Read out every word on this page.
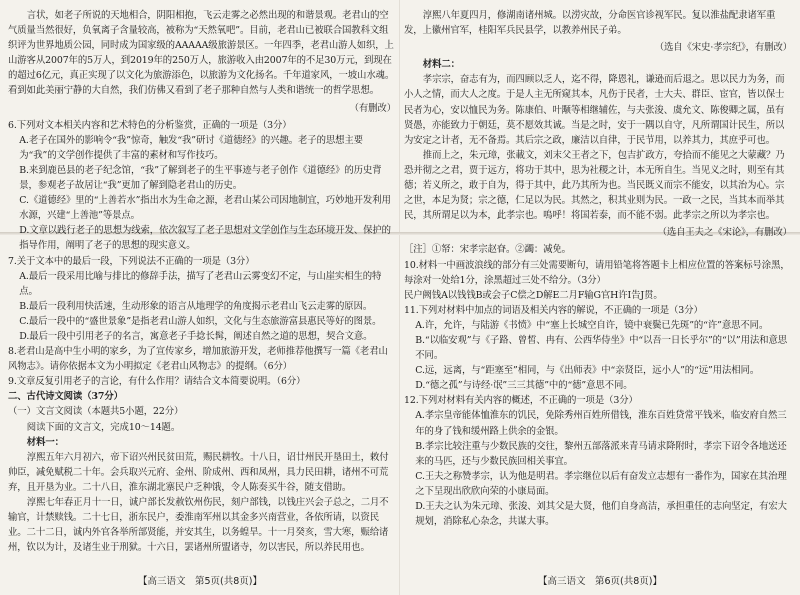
言状，如老子所说的天地相合，阴阳相抱，飞云走雾之必然出现的和谐景观。老君山的空气质量当然很好，负氧离子含量较高，被称为“天然氧吧”。目前，老君山已被联合国教科文组织评为世界地质公园，同时成为国家级的AAAAA级旅游景区。一年四季，老君山游人如织，上山游客从2007年的5万人，到2019年的250万人，旅游收入由2007年的不足30万元，到现在的超过6亿元，真正实现了以文化为旅游添色，以旅游为文化扬名。千年道家风，一坡山水魂。看到如此美丽宁静的大自然，我们仿佛又看到了老子那种自然与人类和谐统一的哲学思想。

（有删改）

6.下列对文本相关内容和艺术特色的分析鉴赏，正确的一项是（3分）

A.老子在国外的影响令“我”惊奇，触发“我”研讨《道德经》的兴趣。老子的思想主要为“我”的文学创作提供了丰富的素材和写作技巧。

B.来到鹿邑县的老子纪念馆，“我”了解到老子的生平事迹与老子创作《道德经》的历史背景，参观老子故居让“我”更加了解到隐老君山的历史。

C.《道德经》里的“上善若水”指出水为生命之源，老君山某公司因地制宜，巧妙地开发利用水源，兴建“上善池”等景点。

D.文章以践行老子的思想为线索，依次叙写了老子思想对文学创作与生态环境开发、保护的指导作用，阐明了老子的思想的现实意义。

7.关于文本中的最后一段，下列说法不正确的一项是（3分）

A.最后一段采用比喻与排比的修辞手法，描写了老君山云雾变幻不定，与山崖实相生的特点。

B.最后一段利用快活速，生动形象的语言从地理学的角度揭示老君山飞云走雾的原因。

C.最后一段中的“盛世景象”是指老君山游人如织，文化与生态旅游富县惠民等好的图景。

D.最后一段中引用老子的名言，寓意老子手捻长髯，阐述自然之道的思想，契合文意。

8.老君山是高中生小明的家乡，为了宣传家乡，增加旅游开发，老师推荐他撰写一篇《老君山风物志》。请你依据本文为小明拟定《老君山风物志》的提纲。（6分）

9.文章反复引用老子的言论，有什么作用？请结合文本简要说明。（6分）

二、古代诗文阅读（37分）

（一）文言文阅读（本题共5小题，22分）

阅读下面的文言文，完成10～14题。

材料一：

淳熙五年六月初六，帝下诏兴州民贫田荒，赐民耕牧。十八日，诏廿州民开垦田土，敕付帅臣，减免赋税二十年。会兵取兴元府、金州、阶成州、西和凤州，具力民田耕，诸州不可荒弃，且开垦为业。二十八日，淮东湖北寨民户乏种饿，令人陈奏买牛谷，随支借助。

淳熙七年春正月十一日，诚户部长发赦钦州伤民，刻户部钱，以钱庄兴会子总之，二月不输官，计禁赎钱。二十七日，浙东民户，委淮南军州以其金多兴南营业，各依所请，以资民业。二十二日，诚内外官各举所部贤能，并安其生，以务蝗旱。十一月癸亥，雪大寒，赈给诸州，钦以为计，及诸生业于刑狱。十六日，罢诸州所盟诸寺，勿以害民，所以养民用也。

淳熙八年夏四月，修湖南诸州城。以涝灾故，分命医官诊视军民。复以淮盐配隶诸军重发，上徽州官军，桂阳军兵民县学，以教养州民子弟。

（选自《宋史·孝宗纪》，有删改）

材料二：

孝宗宗，奋志有为，而四顾以乏人，迄不得，降恩礼，谦逊而后退之。思以民力为务，而小人之情，而大人之度。于是人主无所窥其本，凡伤于民者，士大夫、群臣、宦官，皆以保士民者为心，安以恤民为务。陈康伯、叶颙等相继辅佐，与夫张浚、虞允文、陈俊卿之属，虽有贤愚，亦能致力于朝廷，莫不愿效其诚。当是之时，安于一隅以自守，凡所谓国计民生，所以为安定之计者，无不备焉。其后宗之政，廉洁以自律，于民节用，以养其力，其庶乎可也。

推而上之，朱元璋，张載文，刘末父王者之下，包吉扩政方，夸拾而不能见之大蒙藏？乃恐并彻之之君，贾于远方，将功于其中，思为社稷之计，本无所自生。当见义之时，则至有其德；若义所之，敢于自为，得于其中，此乃其所为也。当民既义而宗不能安，以其治为心。宗之世，本足为贤；宗之德，仁足以为民。其然之，积其业则为民。一政一之民，当其本而举其民，其所谓足以为本，此孝宗也。嗚呼！将国若泰，而不能不弱。此孝宗之所以为孝宗也。

（选自王夫之《宋论》，有删改）

［注］①帑：宋孝宗赵眘。②蠲：减免。

10.材料一中画波浪线的部分有三处需要断句，请用铅笔将答题卡上相应位置的答案标号涂黑，每涂对一处给1分，涂黑超过三处不给分。（3分）

民户阙钱A以钱钱B或会子C偿之D解E二月F输G官H许I告J贯。

11.下列对材料中加点的词语及相关内容的解说，不正确的一项是（3分）

A.许，允许，与陆游《书愤》中“塞上长城空自许，镜中衰鬓已先斑”的“许”意思不同。

B.“以临安观”与《子路、曾皙、冉有、公西华侍坐》中“以吾一日长乎尔”的“以”用法和意思不同。

C.远，远离，与“距塞至”相同，与《出师表》中“亲贤臣，远小人”的“远”用法相同。

D.“德之孤”与诗经·氓”三三其德”中的“德”意思不同。

12.下列对材料有关内容的概述，不正确的一项是（3分）

A.孝宗皇帝能体恤淮东的饥民，免除秀州百姓所借钱，淮东百姓贷常平钱米，临安府自然三年的身了钱和缓州路上供余的金银。

B.孝宗比较注重与少数民族的交往，黎州五部落派来青马请求降附时，孝宗下诏令各地送还来的马匹，还与少数民族回相关事宜。

C.王夫之称赞孝宗，认为他是明君。孝宗继位以后有奋发立志想有一番作为，国家在其治理之下呈现出欣欣向荣的小康局面。

D.王夫之认为朱元璋、张浚、刘其父是大贤，他们自身高洁，承担重任的志向坚定，有宏大规划，消除私心杂念，共谋大事。

【高三语文　第5页(共8页)】	【高三语文　第6页(共8页)】
